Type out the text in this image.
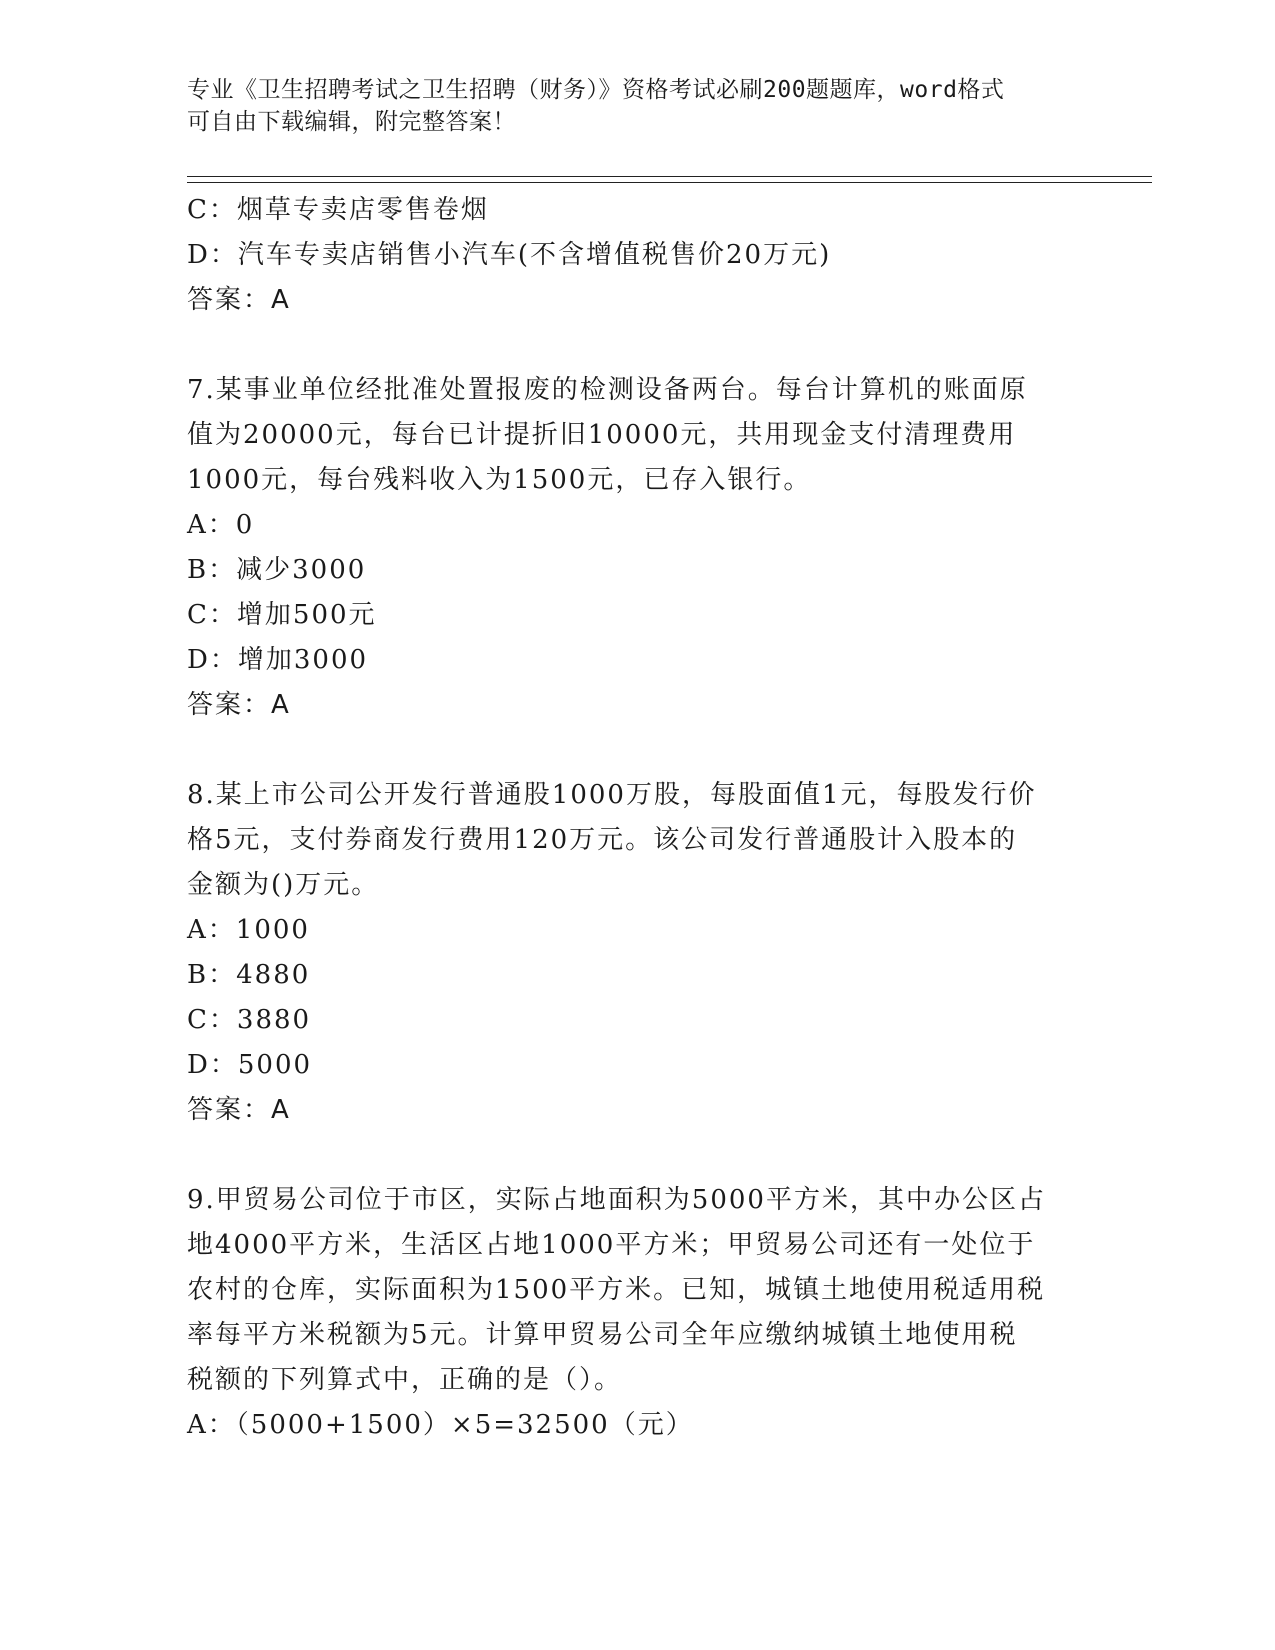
专业《卫生招聘考试之卫生招聘（财务）》资格考试必刷200题题库，word格式
可自由下载编辑，附完整答案！
C：烟草专卖店零售卷烟
D：汽车专卖店销售小汽车(不含增值税售价20万元)
答案：A
7.某事业单位经批准处置报废的检测设备两台。每台计算机的账面原
值为20000元，每台已计提折旧10000元，共用现金支付清理费用
1000元，每台残料收入为1500元，已存入银行。
A：0
B：减少3000
C：增加500元
D：增加3000
答案：A
8.某上市公司公开发行普通股1000万股，每股面值1元，每股发行价
格5元，支付券商发行费用120万元。该公司发行普通股计入股本的
金额为()万元。
A：1000
B：4880
C：3880
D：5000
答案：A
9.甲贸易公司位于市区，实际占地面积为5000平方米，其中办公区占
地4000平方米，生活区占地1000平方米；甲贸易公司还有一处位于
农村的仓库，实际面积为1500平方米。已知，城镇土地使用税适用税
率每平方米税额为5元。计算甲贸易公司全年应缴纳城镇土地使用税
税额的下列算式中，正确的是（）。
A：（5000+1500）×5=32500（元）
